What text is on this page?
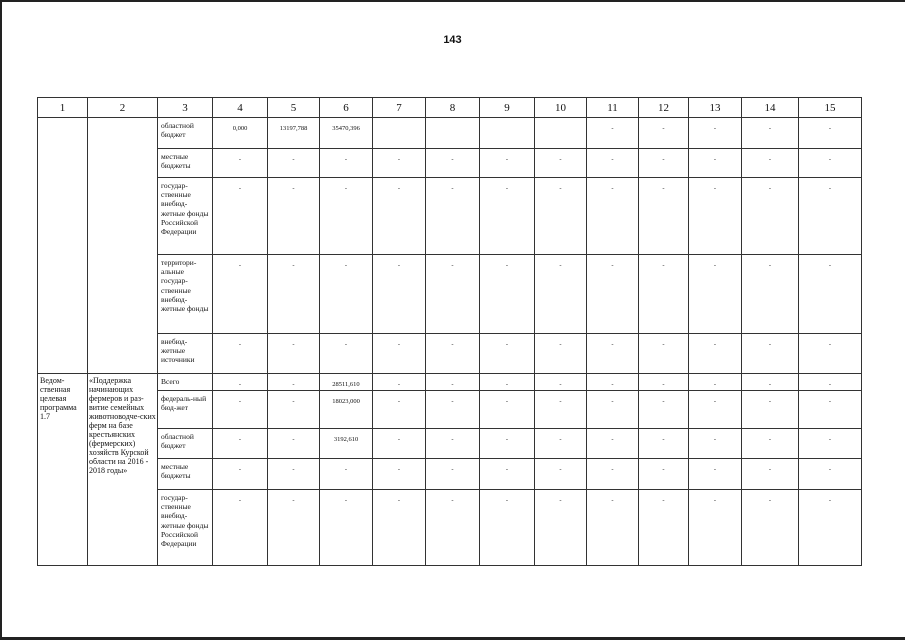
143
1	2	3	4	5	6	7	8	9	10	11	12	13	14	15
		областной бюджет	0,000	13197,788	35470,396					-	-	-	-	-
		местные бюджеты	-	-	-	-	-	-	-	-	-	-	-	-
		государ-ственные внебюд-жетные фонды Российской Федерации	-	-	-	-	-	-	-	-	-	-	-	-
		территори-альные государ-ственные внебюд-жетные фонды	-	-	-	-	-	-	-	-	-	-	-	-
		внебюд-жетные источники	-	-	-	-	-	-	-	-	-	-	-	-
Ведом-ственная целевая программа 1.7	«Поддержка начинающих фермеров и раз-витие семейных животноводче-ских ферм на базе крестьянских (фермерских) хозяйств Курской области на 2016 - 2018 годы»	Всего	-	-	28511,610	-	-	-	-	-	-	-	-	-
		федераль-ный бюд-жет	-	-	18023,000	-	-	-	-	-	-	-	-	-
		областной бюджет	-	-	3192,610	-	-	-	-	-	-	-	-	-
		местные бюджеты	-	-	-	-	-	-	-	-	-	-	-	-
		государ-ственные внебюд-жетные фонды Российской Федерации	-	-	-	-	-	-	-	-	-	-	-	-
